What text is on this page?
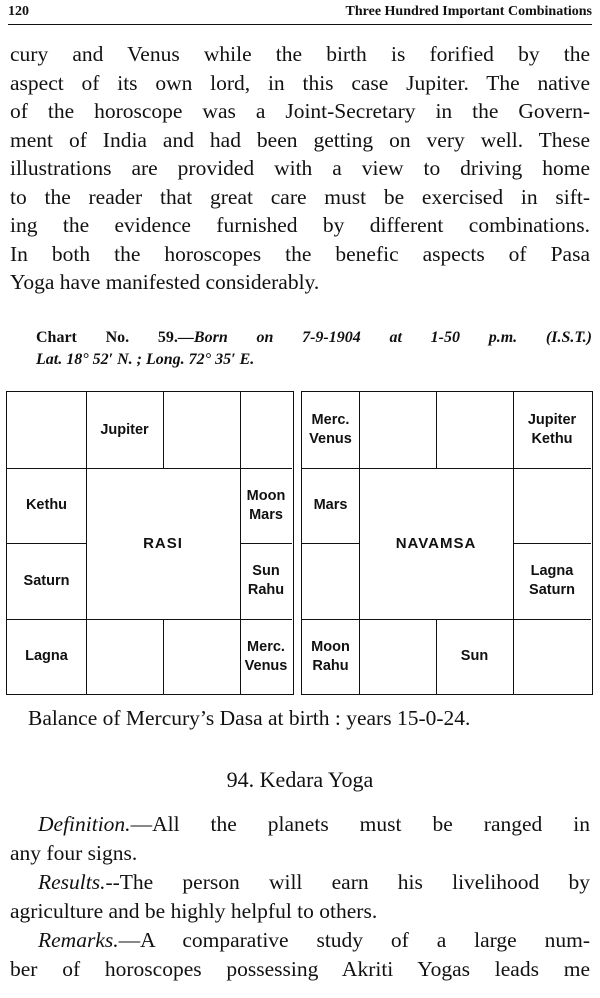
120	Three Hundred Important Combinations
cury and Venus while the birth is forified by the
aspect of its own lord, in this case Jupiter. The native
of the horoscope was a Joint-Secretary in the Govern-
ment of India and had been getting on very well. These
illustrations are provided with a view to driving home
to the reader that great care must be exercised in sift-
ing the evidence furnished by different combinations.
In both the horoscopes the benefic aspects of Pasa
Yoga have manifested considerably.
Chart No. 59.—Born on 7-9-1904 at 1-50 p.m. (I.S.T.)
Lat. 18° 52′ N. ; Long. 72° 35′ E.
Jupiter
Kethu
Moon
Mars
Saturn
Sun
Rahu
Lagna
Merc.
Venus
RASI
Merc.
Venus
Jupiter
Kethu
Mars
Lagna
Saturn
Moon
Rahu
Sun
NAVAMSA
Balance of Mercury’s Dasa at birth : years 15-0-24.
94. Kedara Yoga
Definition.—All the planets must be ranged in
any four signs.
Results.--The person will earn his livelihood by
agriculture and be highly helpful to others.
Remarks.—A comparative study of a large num-
ber of horoscopes possessing Akriti Yogas leads me
